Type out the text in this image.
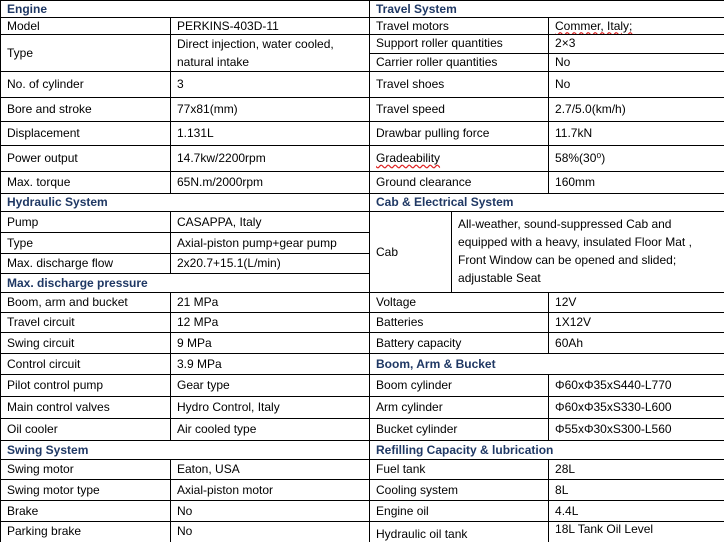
Engine		Travel System		
Model	PERKINS-403D-11	Travel motors		Commer, Italy;
Type	Direct injection, water cooled, natural intake	Support roller quantities		2×3
		Carrier roller quantities		No
No. of cylinder	3	Travel shoes		No
Bore and stroke	77x81(mm)	Travel speed		2.7/5.0(km/h)
Displacement	1.131L	Drawbar pulling force		11.7kN
Power output	14.7kw/2200rpm	Gradeability		58%(30⁰)
Max. torque	65N.m/2000rpm	Ground clearance		160mm
Hydraulic System		Cab & Electrical System		
Pump	CASAPPA, Italy	Cab	All-weather, sound-suppressed Cab and equipped with a heavy, insulated Floor Mat , Front Window can be opened and slided; adjustable Seat	
Type	Axial-piston pump+gear pump			
Max. discharge flow	2x20.7+15.1(L/min)			
Max. discharge pressure				
Boom, arm and bucket	21 MPa	Voltage		12V
Travel circuit	12 MPa	Batteries		1X12V
Swing circuit	9 MPa	Battery capacity		60Ah
Control circuit	3.9 MPa	Boom, Arm & Bucket		
Pilot control pump	Gear type	Boom cylinder		Φ60xΦ35xS440-L770
Main control valves	Hydro Control, Italy	Arm cylinder		Φ60xΦ35xS330-L600
Oil cooler	Air cooled type	Bucket cylinder		Φ55xΦ30xS300-L560
Swing System		Refilling Capacity & lubrication		
Swing motor	Eaton, USA	Fuel tank		28L
Swing motor type	Axial-piston motor	Cooling system		8L
Brake	No	Engine oil		4.4L
Parking brake	No	Hydraulic oil tank		18L Tank Oil Level
